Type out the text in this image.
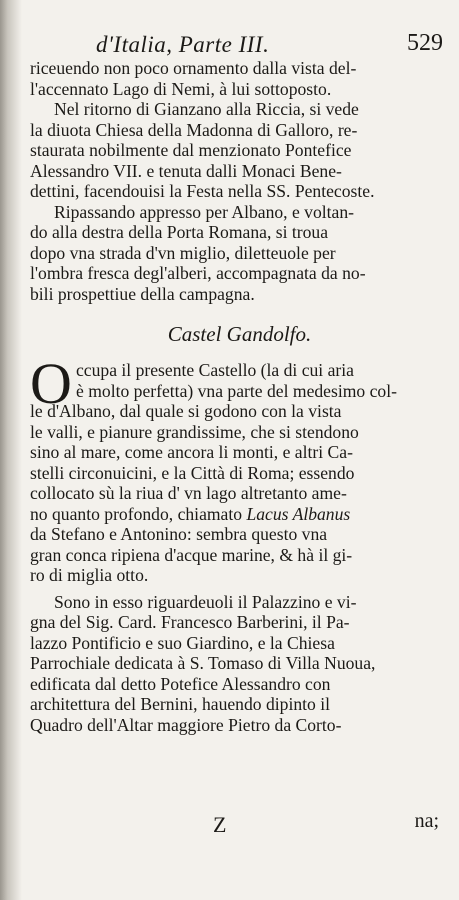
d'Italia, Parte III.	529
riceuendo non poco ornamento dalla vista del-
l'accennato Lago di Nemi, à lui sottoposto.
Nel ritorno di Gianzano alla Riccia, si vede
la diuota Chiesa della Madonna di Galloro, re-
staurata nobilmente dal menzionato Pontefice
Alessandro VII. e tenuta dalli Monaci Bene-
dettini, facendouisi la Festa nella SS. Pentecoste.
Ripassando appresso per Albano, e voltan-
do alla destra della Porta Romana, si troua
dopo vna strada d'vn miglio, diletteuole per
l'ombra fresca degl'alberi, accompagnata da no-
bili prospettiue della campagna.
Castel Gandolfo.
O ccupa il presente Castello (la di cui aria
è molto perfetta) vna parte del medesimo col-
le d'Albano, dal quale si godono con la vista
le valli, e pianure grandissime, che si stendono
sino al mare, come ancora li monti, e altri Ca-
stelli circonuicini, e la Città di Roma; essendo
collocato sù la riua d' vn lago altretanto ame-
no quanto profondo, chiamato Lacus Albanus
da Stefano e Antonino: sembra questo vna
gran conca ripiena d'acque marine, & hà il gi-
ro di miglia otto.
Sono in esso riguardeuoli il Palazzino e vi-
gna del Sig. Card. Francesco Barberini, il Pa-
lazzo Pontificio e suo Giardino, e la Chiesa
Parrochiale dedicata à S. Tomaso di Villa Nuoua,
edificata dal detto Potefice Alessandro con
architettura del Bernini, hauendo dipinto il
Quadro dell'Altar maggiore Pietro da Corto-
Z	na;
